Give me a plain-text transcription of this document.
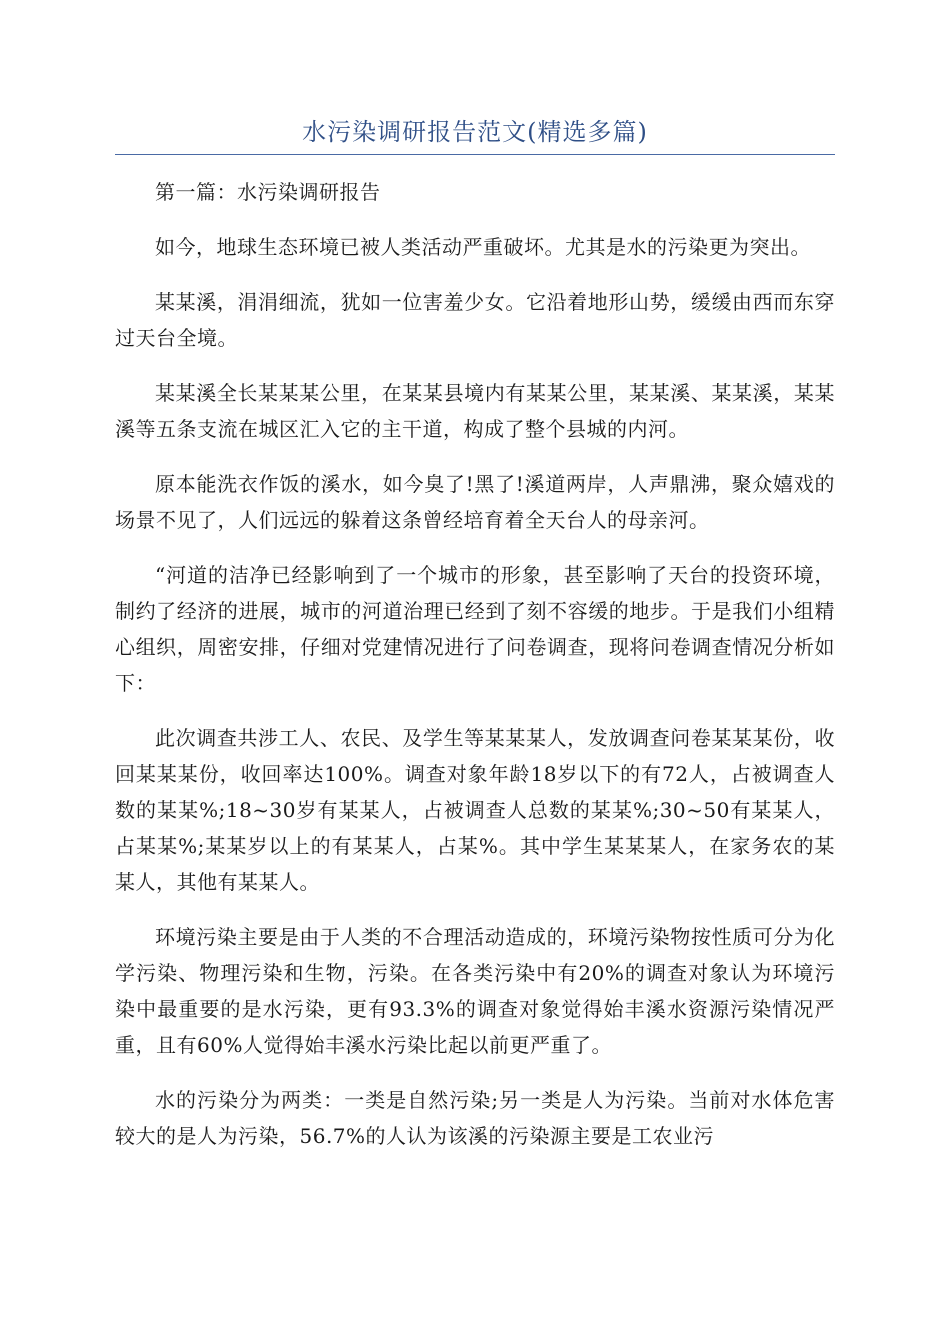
水污染调研报告范文(精选多篇)

第一篇：水污染调研报告

如今，地球生态环境已被人类活动严重破坏。尤其是水的污染更为突出。

某某溪，涓涓细流，犹如一位害羞少女。它沿着地形山势，缓缓由西而东穿过天台全境。

某某溪全长某某某公里，在某某县境内有某某公里，某某溪、某某溪，某某溪等五条支流在城区汇入它的主干道，构成了整个县城的内河。

原本能洗衣作饭的溪水，如今臭了!黑了!溪道两岸，人声鼎沸，聚众嬉戏的场景不见了，人们远远的躲着这条曾经培育着全天台人的母亲河。

“河道的洁净已经影响到了一个城市的形象，甚至影响了天台的投资环境，制约了经济的进展，城市的河道治理已经到了刻不容缓的地步。于是我们小组精心组织，周密安排，仔细对党建情况进行了问卷调查，现将问卷调查情况分析如下：

此次调查共涉工人、农民、及学生等某某某人，发放调查问卷某某某份，收回某某某份，收回率达100%。调查对象年龄18岁以下的有72人，占被调查人数的某某%;18~30岁有某某人，占被调查人总数的某某%;30~50有某某人，占某某%;某某岁以上的有某某人，占某%。其中学生某某某人，在家务农的某某人，其他有某某人。

环境污染主要是由于人类的不合理活动造成的，环境污染物按性质可分为化学污染、物理污染和生物，污染。在各类污染中有20%的调查对象认为环境污染中最重要的是水污染，更有93.3%的调查对象觉得始丰溪水资源污染情况严重，且有60%人觉得始丰溪水污染比起以前更严重了。

水的污染分为两类：一类是自然污染;另一类是人为污染。当前对水体危害较大的是人为污染，56.7%的人认为该溪的污染源主要是工农业污
